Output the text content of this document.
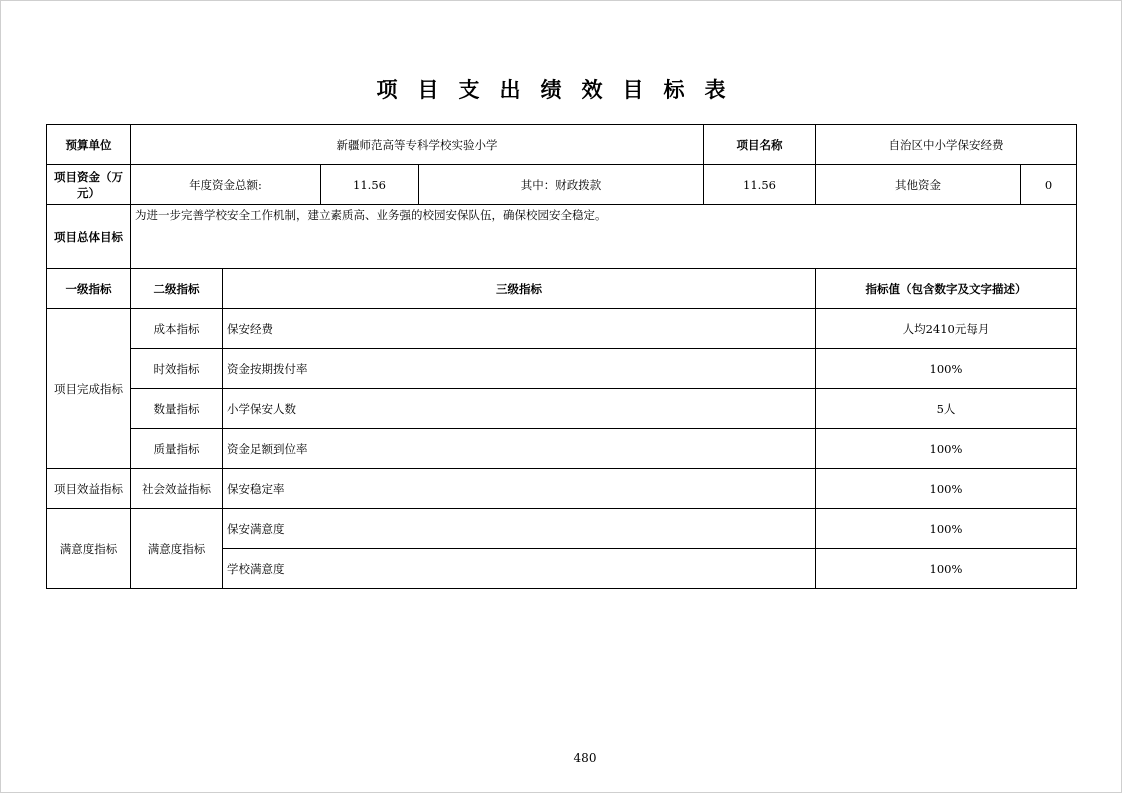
项目支出绩效目标表
预算单位	新疆师范高等专科学校实验小学				项目名称	自治区中小学保安经费
项目资金（万元）	年度资金总额:		11.56	其中：财政拨款	11.56	其他资金 0

项目总体目标	为进一步完善学校安全工作机制，建立素质高、业务强的校园安保队伍，确保校园安全稳定。					
一级指标	二级指标	三级指标				指标值（包含数字及文字描述）
项目完成指标	成本指标	保安经费				人均2410元每月
	时效指标	资金按期拨付率				100%
	数量指标	小学保安人数				5人
	质量指标	资金足额到位率				100%
项目效益指标	社会效益指标	保安稳定率				100%
满意度指标	满意度指标	保安满意度				100%
		学校满意度				100%
480
